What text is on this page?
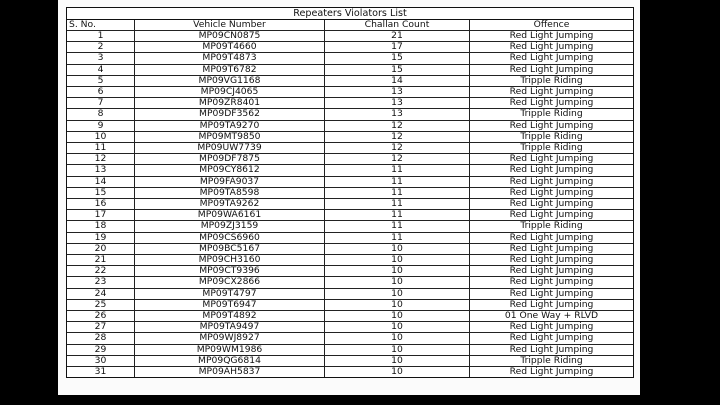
Repeaters Violators List
S. No.	Vehicle Number	Challan Count	Offence
1	MP09CN0875	21	Red Light Jumping
2	MP09T4660	17	Red Light Jumping
3	MP09T4873	15	Red Light Jumping
4	MP09T6782	15	Red Light Jumping
5	MP09VG1168	14	Tripple Riding
6	MP09CJ4065	13	Red Light Jumping
7	MP09ZR8401	13	Red Light Jumping
8	MP09DF3562	13	Tripple Riding
9	MP09TA9270	12	Red Light Jumping
10	MP09MT9850	12	Tripple Riding
11	MP09UW7739	12	Tripple Riding
12	MP09DF7875	12	Red Light Jumping
13	MP09CY8612	11	Red Light Jumping
14	MP09FA9037	11	Red Light Jumping
15	MP09TA8598	11	Red Light Jumping
16	MP09TA9262	11	Red Light Jumping
17	MP09WA6161	11	Red Light Jumping
18	MP09ZJ3159	11	Tripple Riding
19	MP09CS6960	11	Red Light Jumping
20	MP09BC5167	10	Red Light Jumping
21	MP09CH3160	10	Red Light Jumping
22	MP09CT9396	10	Red Light Jumping
23	MP09CX2866	10	Red Light Jumping
24	MP09T4797	10	Red Light Jumping
25	MP09T6947	10	Red Light Jumping
26	MP09T4892	10	01 One Way + RLVD
27	MP09TA9497	10	Red Light Jumping
28	MP09WJ8927	10	Red Light Jumping
29	MP09WM1986	10	Red Light Jumping
30	MP09QG6814	10	Tripple Riding
31	MP09AH5837	10	Red Light Jumping
